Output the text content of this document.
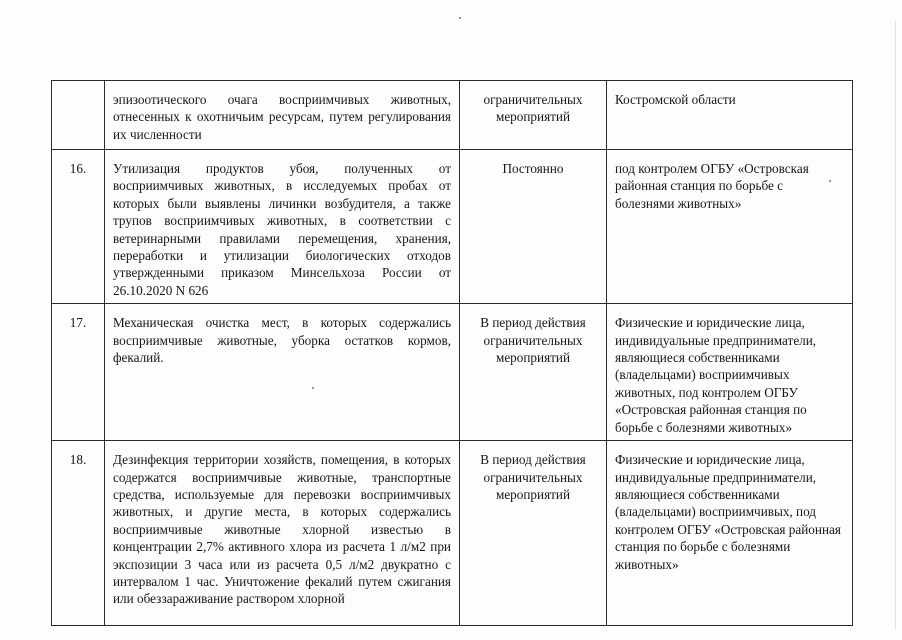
	эпизоотического очага восприимчивых животных, отнесенных к охотничьим ресурсам, путем регулирования их численности	ограничительных мероприятий	Костромской области
16.	Утилизация продуктов убоя, полученных от восприимчивых животных, в исследуемых пробах от которых были выявлены личинки возбудителя, а также трупов восприимчивых животных, в соответствии с ветеринарными правилами перемещения, хранения, переработки и утилизации биологических отходов утвержденными приказом Минсельхоза России от 26.10.2020 N 626	Постоянно	под контролем ОГБУ «Островская районная станция по борьбе с болезнями животных»
17.	Механическая очистка мест, в которых содержались восприимчивые животные, уборка остатков кормов, фекалий.	В период действия ограничительных мероприятий	Физические и юридические лица, индивидуальные предприниматели, являющиеся собственниками (владельцами) восприимчивых животных, под контролем ОГБУ «Островская районная станция по борьбе с болезнями животных»
18.	Дезинфекция территории хозяйств, помещения, в которых содержатся восприимчивые животные, транспортные средства, используемые для перевозки восприимчивых животных, и другие места, в которых содержались восприимчивые животные хлорной известью в концентрации 2,7% активного хлора из расчета 1 л/м2 при экспозиции 3 часа или из расчета 0,5 л/м2 двукратно с интервалом 1 час. Уничтожение фекалий путем сжигания или обеззараживание раствором хлорной	В период действия ограничительных мероприятий	Физические и юридические лица, индивидуальные предприниматели, являющиеся собственниками (владельцами) восприимчивых, под контролем ОГБУ «Островская районная станция по борьбе с болезнями животных»
